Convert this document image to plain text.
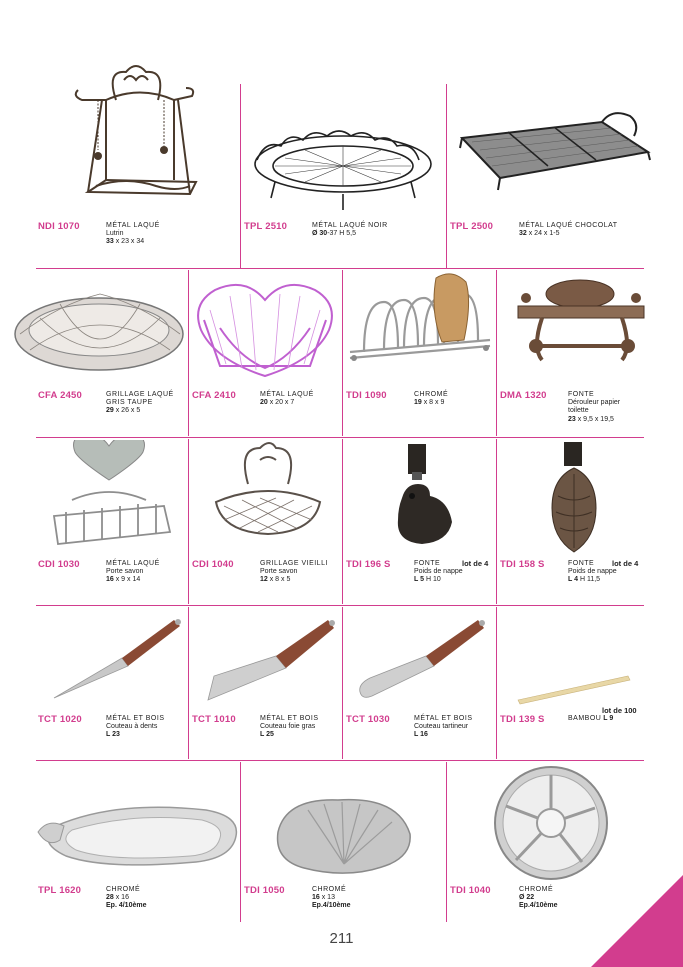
NDI 1070	MÉTAL LAQUÉ
Lutrin
33 x 23 x 34
TPL 2510	MÉTAL LAQUÉ NOIR
Ø 30-37 H 5,5
TPL 2500	MÉTAL LAQUÉ CHOCOLAT
32 x 24 x 1-5
CFA 2450	GRILLAGE LAQUÉ
GRIS TAUPE
29 x 26 x 5
CFA 2410	MÉTAL LAQUÉ
20 x 20 x 7
TDI 1090	CHROMÉ
19 x 8 x 9
DMA 1320	FONTE
Dérouleur papier
toilette
23 x 9,5 x 19,5
CDI 1030	MÉTAL LAQUÉ
Porte savon
16 x 9 x 14
CDI 1040	GRILLAGE VIEILLI
Porte savon
12 x 8 x 5
TDI 196 S	lot de 4
FONTE
Poids de nappe
L 5 H 10
TDI 158 S	lot de 4
FONTE
Poids de nappe
L 4 H 11,5
TCT 1020	MÉTAL ET BOIS
Couteau à dents
L 23
TCT 1010	MÉTAL ET BOIS
Couteau foie gras
L 25
TCT 1030	MÉTAL ET BOIS
Couteau tartineur
L 16
TDI 139 S
lot de 100
BAMBOU L 9
TPL 1620	CHROMÉ
28 x 16
Ep. 4/10ème
TDI 1050	CHROMÉ
16 x 13
Ep.4/10ème
TDI 1040	CHROMÉ
Ø 22
Ep.4/10ème
211
